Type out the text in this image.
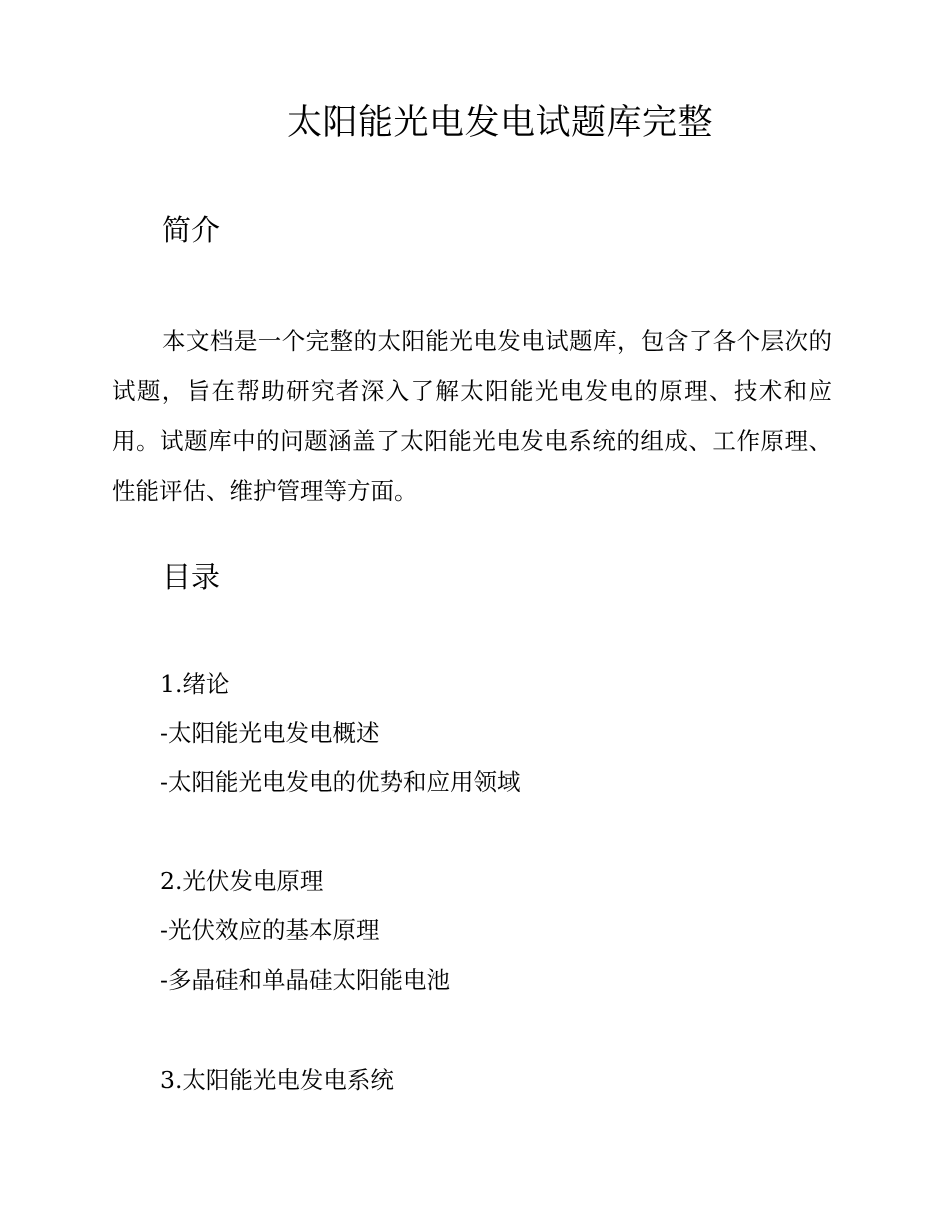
太阳能光电发电试题库完整
简介
本文档是一个完整的太阳能光电发电试题库，包含了各个层次的试题，旨在帮助研究者深入了解太阳能光电发电的原理、技术和应用。试题库中的问题涵盖了太阳能光电发电系统的组成、工作原理、性能评估、维护管理等方面。
目录
1.绪论
-太阳能光电发电概述
-太阳能光电发电的优势和应用领域
2.光伏发电原理
-光伏效应的基本原理
-多晶硅和单晶硅太阳能电池
3.太阳能光电发电系统
